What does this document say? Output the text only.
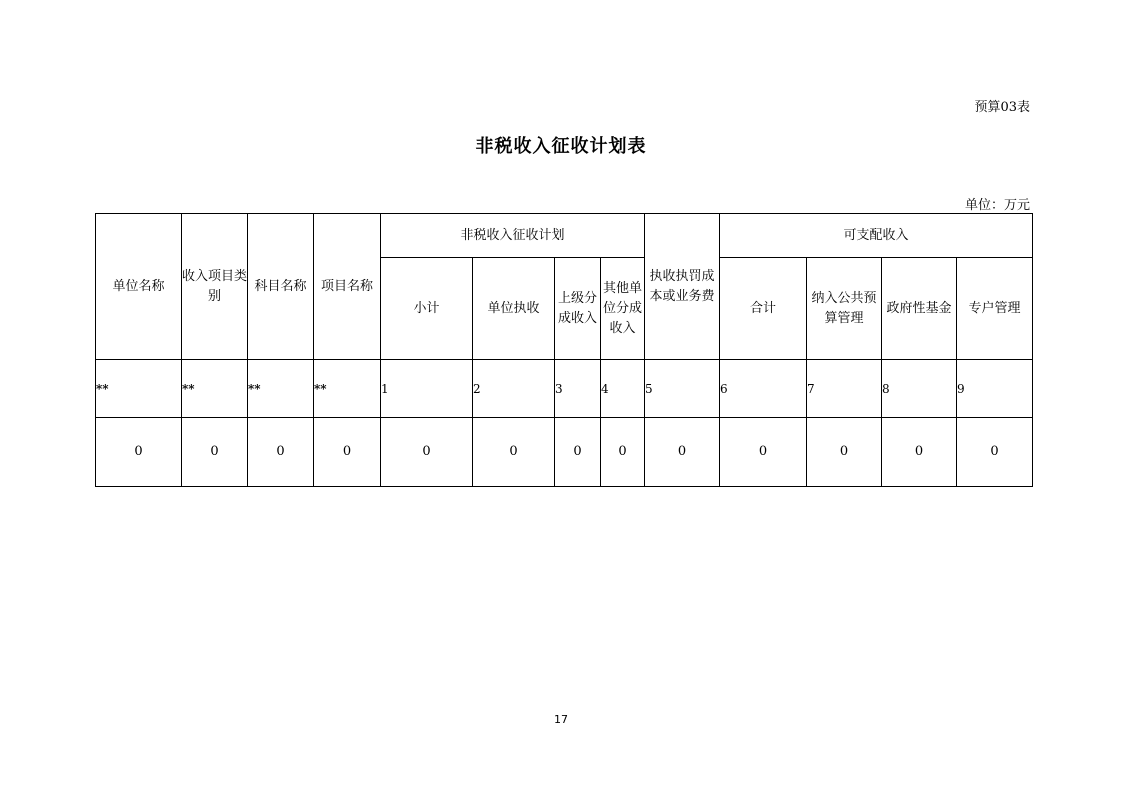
预算03表
非税收入征收计划表
单位：万元
单位名称	收入项目类别	科目名称	项目名称	非税收入征收计划				执收执罚成本或业务费	可支配收入			
				小计	单位执收	上级分成收入	其他单位分成收入		合计	纳入公共预算管理	政府性基金	专户管理
**	**	**	**	1	2	3	4	5	6	7	8	9
0	0	0	0	0	0	0	0	0	0	0	0	0
17
